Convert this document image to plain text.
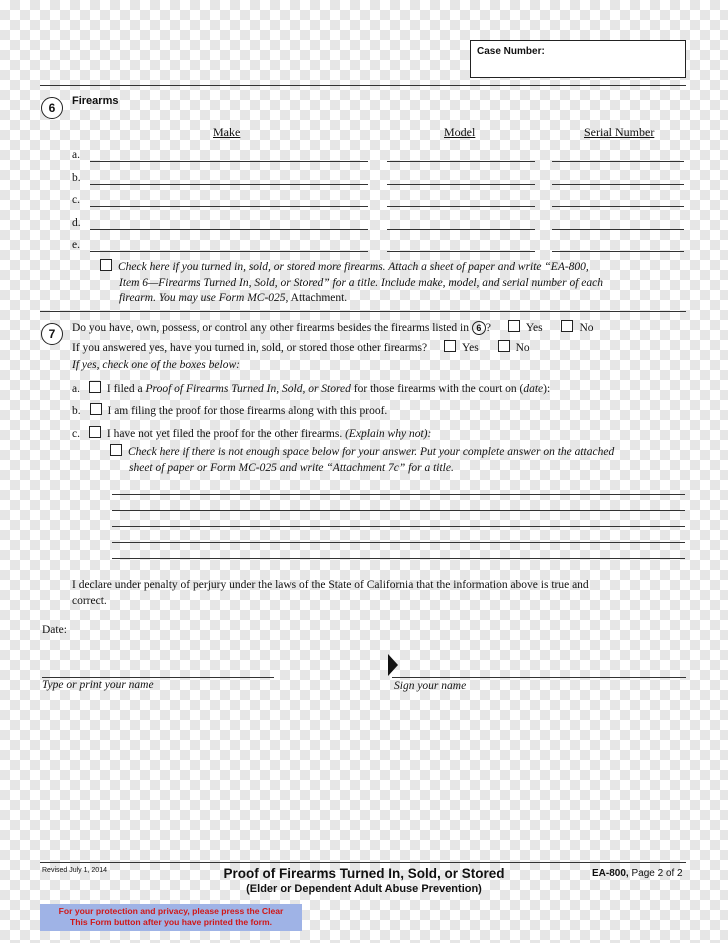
Case Number:
6	Firearms
Make	Model	Serial Number
a.
b.
c.
d.
e.
Check here if you turned in, sold, or stored more firearms. Attach a sheet of paper and write “EA-800,
Item 6—Firearms Turned In, Sold, or Stored” for a title. Include make, model, and serial number of each
firearm. You may use Form MC-025, Attachment.
7	Do you have, own, possess, or control any other firearms besides the firearms listed in 6 ?	Yes	No
If you answered yes, have you turned in, sold, or stored those other firearms?	Yes	No
If yes, check one of the boxes below:
a. I filed a Proof of Firearms Turned In, Sold, or Stored for those firearms with the court on (date):
b. I am filing the proof for those firearms along with this proof.
c. I have not yet filed the proof for the other firearms. (Explain why not):
Check here if there is not enough space below for your answer. Put your complete answer on the attached
sheet of paper or Form MC-025 and write “Attachment 7c” for a title.
I declare under penalty of perjury under the laws of the State of California that the information above is true and
correct.
Date:
Type or print your name	Sign your name
Revised July 1, 2014	Proof of Firearms Turned In, Sold, or Stored
(Elder or Dependent Adult Abuse Prevention)
EA-800, Page 2 of 2
For your protection and privacy, please press the Clear
This Form button after you have printed the form.
